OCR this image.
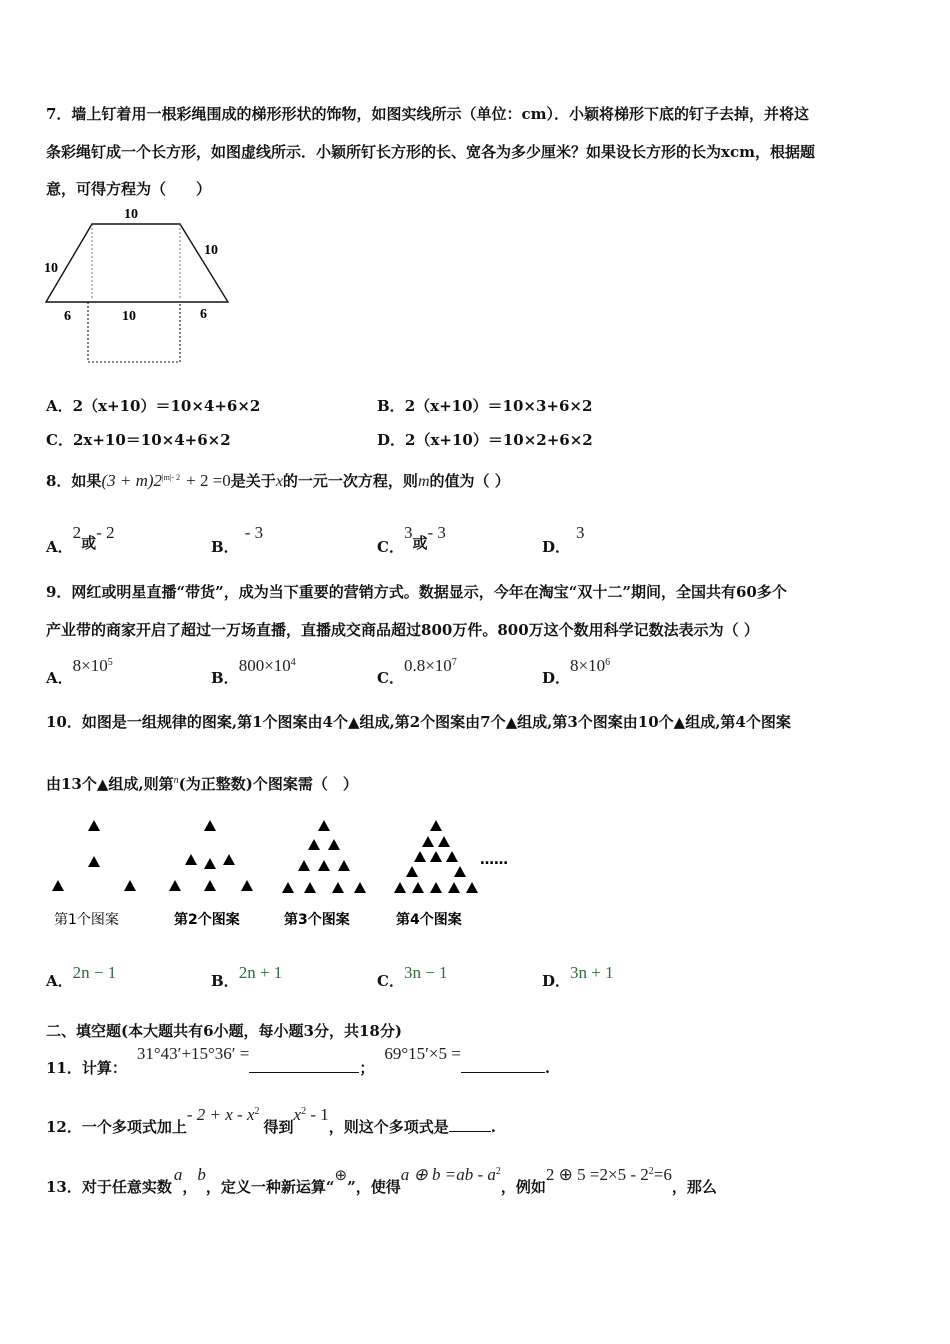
7．墙上钉着用一根彩绳围成的梯形形状的饰物，如图实线所示（单位：cm）．小颖将梯形下底的钉子去掉，并将这
条彩绳钉成一个长方形，如图虚线所示．小颖所钉长方形的长、宽各为多少厘米？如果设长方形的长为xcm，根据题
意，可得方程为（　　）
10
10
10
6	10	6
A．2（x+10）＝10×4+6×2	B．2（x+10）＝10×3+6×2
C．2x+10＝10×4+6×2	D．2（x+10）＝10×2+6×2
8．如果$(3 + m)2^{|m|- 2} + 2 =0$是关于x的一元一次方程，则m的值为（ ）
A．2或- 2
B．- 3
C．3或- 3
D．3
9．网红或明星直播“带货”，成为当下重要的营销方式。数据显示，今年在淘宝“双十二”期间，全国共有60多个
产业带的商家开启了超过一万场直播，直播成交商品超过800万件。800万这个数用科学记数法表示为（ ）
A．$8\times 10^5$
B．$800\times 10^4$
C．$0.8\times 10^7$
D．$8\times 10^6$
10．如图是一组规律的图案,第1个图案由4个▲组成,第2个图案由7个▲组成,第3个图案由10个▲组成,第4个图案
由13个▲组成,则第$^n$(为正整数)个图案需（　）
……
第1个图案	第2个图案	第3个图案	第4个图案
A．2n − 1	B．2n + 1	C．3n − 1	D．3n + 1
二、填空题(本大题共有6小题，每小题3分，共18分)
11．计算：31°43′+15°36′ =；69°15′×5 =.
12．一个多项式加上- $2 + x - x^2$得到$x^2 - 1$，则这个多项式是	.
13．对于任意实数a，b，定义一种新运算“⊕”，使得a ⊕ $b =ab - a^2$，例如2 ⊕ $5 =2\times 5 - 2^2=6$，那么
